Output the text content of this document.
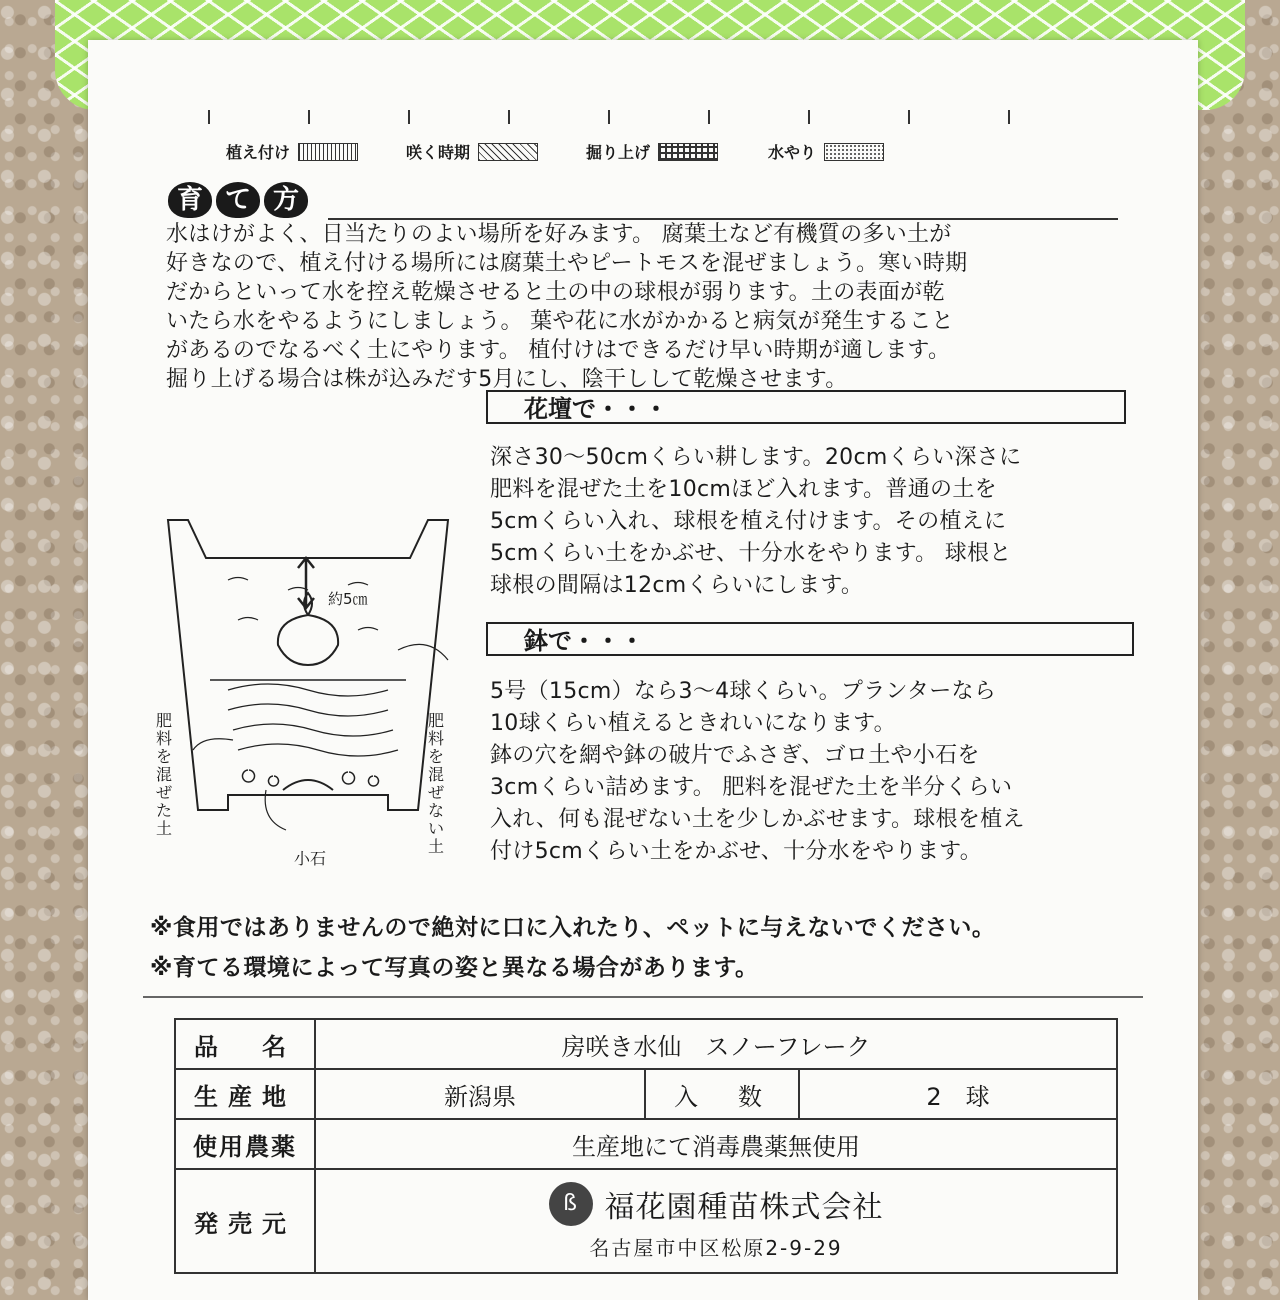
植え付け	咲く時期	掘り上げ	水やり
育 て 方
水はけがよく、日当たりのよい場所を好みます。 腐葉土など有機質の多い土が
好きなので、植え付ける場所には腐葉土やピートモスを混ぜましょう。寒い時期
だからといって水を控え乾燥させると土の中の球根が弱ります。土の表面が乾
いたら水をやるようにしましょう。 葉や花に水がかかると病気が発生すること
があるのでなるべく土にやります。 植付けはできるだけ早い時期が適します。
掘り上げる場合は株が込みだす5月にし、陰干しして乾燥させます。
花壇で・・・
深さ30～50cmくらい耕します。20cmくらい深さに
肥料を混ぜた土を10cmほど入れます。普通の土を
5cmくらい入れ、球根を植え付けます。その植えに
5cmくらい土をかぶせ、十分水をやります。 球根と
球根の間隔は12cmくらいにします。
鉢で・・・
5号（15cm）なら3～4球くらい。プランターなら
10球くらい植えるときれいになります。
鉢の穴を網や鉢の破片でふさぎ、ゴロ土や小石を
3cmくらい詰めます。 肥料を混ぜた土を半分くらい
入れ、何も混ぜない土を少しかぶせます。球根を植え
付け5cmくらい土をかぶせ、十分水をやります。
約5㎝
肥料を混ぜた土
肥料を混ぜない土
小石
※食用ではありませんので絶対に口に入れたり、ペットに与えないでください。
※育てる環境によって写真の姿と異なる場合があります。
品　名	房咲き水仙　スノーフレーク		
生産地	新潟県	入　数	2　球
使用農薬	生産地にて消毒農薬無使用		
発売元	ß 福花園種苗株式会社
名古屋市中区松原2-9-29		
